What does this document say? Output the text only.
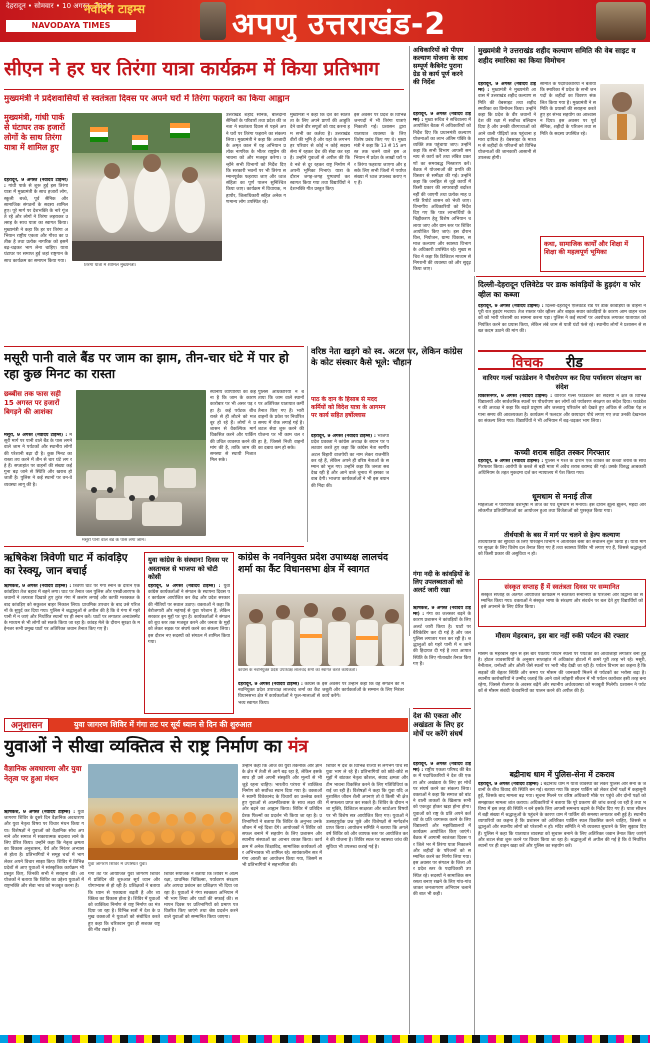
देहरादून • सोमवार • 10 अगस्त, 2026
नवोदय टाइम्स
NAVODAYA TIMES	अपणु उत्तराखंड-2
सीएन ने हर घर तिरंगा यात्रा कार्यक्रम में किया प्रतिभाग
मुख्यमंत्री ने प्रदेशवासियों से स्वतंत्रता दिवस पर अपने घरों में तिरंगा फहराने का किया आह्वान
मुख्यमंत्री, गांधी पार्क से घंटाघर तक हजारों लोगों के साथ तिरंगा यात्रा में शामिल हुए
देहरादून, 9 अगस्त (नवोदय टाइम्स) : गांधी पार्क से शुरू हुई इस तिरंगा यात्रा में मुख्यमंत्री के साथ हजारों लोग, स्कूली बच्चे, पूर्व सैनिक और सामाजिक संगठनों के सदस्य शामिल हुए। पूरे मार्ग पर देशभक्ति के नारे गूंजते रहे और लोगों ने तिरंगा लहराकर उत्साह के साथ यात्रा का स्वागत किया। मुख्यमंत्री ने कहा कि हर घर तिरंगा अभियान राष्ट्रीय एकता और गौरव का प्रतीक है तथा प्रत्येक नागरिक को इसमें बढ़-चढ़कर भाग लेना चाहिए। यात्रा घंटाघर पर समाप्त हुई जहां राष्ट्रगान के साथ कार्यक्रम का समापन किया गया।
तिरंगा यात्रा में शामिल मुख्यमंत्री।
उत्तराखंड शहीद सैनिक, बलिदानी सैनिकों के परिवारों तथा प्रदेश की जनता ने स्वतंत्रता दिवस से पहले अपने घरों पर तिरंगा फहराने का संकल्प लिया। मुख्यमंत्री ने कहा कि आजादी के अमृत काल में यह अभियान प्रत्येक नागरिक के भीतर राष्ट्रप्रेम की भावना को और मजबूत करेगा। उन्होंने सभी विभागों को निर्देश दिए कि सरकारी भवनों पर भी तिरंगा सम्मानपूर्वक फहराया जाए और ध्वज संहिता का पूर्ण पालन सुनिश्चित किया जाए। कार्यक्रम में विधायक, महापौर, जिलाधिकारी सहित अनेक गणमान्य लोग उपस्थित रहे।
मुख्यमंत्री ने कहा कि देश की स्वतंत्रता के लिए अपने प्राणों की आहुति देने वाले वीर सपूतों को याद करना हम सभी का कर्तव्य है। उत्तराखंड वीरों की भूमि है और यहां के लगभग हर परिवार से कोई न कोई सदस्य सेना में रहकर देश की सेवा कर रहा है। उन्होंने युवाओं से अपील की कि वे नशे से दूर रहकर राष्ट्र निर्माण में अपनी भूमिका निभाएं। यात्रा के दौरान जगह-जगह पुष्पवर्षा कर स्वागत किया गया तथा विद्यार्थियों ने देशभक्ति गीत प्रस्तुत किए।
इस अवसर पर प्रदेश के विभिन्न जनपदों में भी तिरंगा यात्राएं निकाली गईं। प्रशासन द्वारा यातायात व्यवस्था के लिए विशेष प्रबंध किए गए थे। मुख्यमंत्री ने कहा कि 13 से 15 अगस्त तक चलने वाले इस अभियान में प्रदेश के लाखों घरों पर तिरंगा फहराया जाएगा और इसके लिए सभी जिलों में पर्याप्त संख्या में ध्वज उपलब्ध कराए गए हैं।
अधिकारियों को पीएम कल्याण योजना के साथ सम्पूर्ण कैबिनेट पुराना ग्रेड से कार्य पूर्ण करने की निर्देश
देहरादून, 9 अगस्त (नवोदय टाइम्स) : मुख्य सचिव ने सचिवालय में आयोजित बैठक में अधिकारियों को निर्देश दिए कि प्रधानमंत्री कल्याण योजनाओं का लाभ अंतिम पंक्ति के व्यक्ति तक पहुंचाया जाए। उन्होंने कहा कि सभी विभाग आपसी समन्वय से कार्य करें तथा लंबित प्रकरणों का समयबद्ध निस्तारण करें। बैठक में योजनाओं की प्रगति की विस्तार से समीक्षा की गई। उन्होंने कहा कि जनहित से जुड़े कार्यों में किसी प्रकार की लापरवाही बर्दाश्त नहीं की जाएगी तथा प्रत्येक माह प्रगति रिपोर्ट शासन को भेजी जाए। विभागीय अधिकारियों को निर्देश दिए गए कि पात्र लाभार्थियों के चिह्नीकरण हेतु विशेष अभियान चलाया जाए और ग्राम स्तर पर शिविर आयोजित किए जाएं। इस दौरान वित्त, नियोजन, ग्राम्य विकास, समाज कल्याण और स्वास्थ्य विभाग के अधिकारी उपस्थित रहे। मुख्य सचिव ने कहा कि डिजिटल माध्यम से निगरानी की व्यवस्था को और सुदृढ़ किया जाए।
मुख्यमंत्री ने उत्तराखंड शहीद कल्याण समिति की वेब साइट व शहीद स्मारिका का किया विमोचन
देहरादून, 9 अगस्त (नवोदय टाइम्स) : मुख्यमंत्री ने मुख्यमंत्री आवास में उत्तराखंड शहीद कल्याण समिति की वेबसाइट तथा शहीद स्मारिका का विमोचन किया। उन्होंने कहा कि प्रदेश के वीर जवानों ने देश की रक्षा में सर्वोच्च बलिदान दिया है और उनकी वीरगाथाओं को आने वाली पीढ़ियों तक पहुंचाना हमारा दायित्व है। वेबसाइट के माध्यम से शहीदों के परिजनों को विभिन्न योजनाओं की जानकारी आसानी से उपलब्ध होगी।
समिति के पदाधिकारियों ने बताया कि स्मारिका में प्रदेश के सभी जनपदों के शहीदों का विवरण संकलित किया गया है। मुख्यमंत्री ने समिति के प्रयासों की सराहना करते हुए हर संभव सहयोग का आश्वासन दिया। इस अवसर पर पूर्व सैनिक, शहीदों के परिजन तथा समिति के सदस्य उपस्थित रहे।
कथा, सामाजिक कार्यों और शिक्षा में शिक्षा की महत्वपूर्ण भूमिका
दिल्ली-देहरादून एलिवेटेड पर डाक कांवड़ियों के हुड़दंग व फोर व्हील का कब्जा
देहरादून, 9 अगस्त (नवोदय टाइम्स) : दिल्ली-देहरादून एलिवेटेड रोड पर डाक कांवड़ियों के वाहनों ने पूरी रात हुड़दंग मचाया। तेज रफ्तार फोर व्हीलर और बाइक सवार कांवड़ियों के कारण आम वाहन चालकों को भारी परेशानी का सामना करना पड़ा। पुलिस ने कई स्थानों पर अवरोधक लगाकर यातायात को नियंत्रित करने का प्रयास किया, लेकिन लंबे जाम से यात्री घंटों फंसे रहे। स्थानीय लोगों ने प्रशासन से सख्त कदम उठाने की मांग की।
विचक रीड
वारियर गर्ल्स फाउंडेशन ने पौधरोपण कर दिया पर्यावरण संरक्षण का संदेश
विकासनगर, 9 अगस्त (नवोदय टाइम्स) : वारियर गर्ल्स फाउंडेशन की सदस्यों ने क्षेत्र के विभिन्न विद्यालयों और सार्वजनिक स्थलों पर पौधरोपण कर लोगों को पर्यावरण संरक्षण का संदेश दिया। फाउंडेशन की अध्यक्ष ने कहा कि बढ़ते प्रदूषण और जलवायु परिवर्तन को देखते हुए अधिक से अधिक पेड़ लगाना समय की आवश्यकता है। कार्यक्रम में फलदार और छायादार पौधे लगाए गए तथा उनकी देखभाल का संकल्प लिया गया। विद्यार्थियों ने भी अभियान में बढ़-चढ़कर भाग लिया।
कच्ची शराब सहित तस्कर गिरफ्तार
देहरादून, 9 अगस्त (नवोदय टाइम्स) : पुलिस ने गश्त के दौरान एक व्यक्ति को कच्ची शराब के साथ गिरफ्तार किया। आरोपी के कब्जे से बड़ी मात्रा में अवैध शराब बरामद की गई। उसके विरुद्ध आबकारी अधिनियम के तहत मुकदमा दर्ज कर न्यायालय में पेश किया गया।
धूमधाम से मनाई तीज
महिलाओं ने पारंपरिक वेशभूषा में तीज का पर्व धूमधाम से मनाया। इस दौरान झूला झूलने, मेहंदी और लोकगीत प्रतियोगिताओं का आयोजन हुआ तथा विजेताओं को पुरस्कृत किया गया।
तीर्थयात्री के बस में मार्ग पर चलने से हेल्प कल्याण
तीर्थयात्रियों की सुविधा के लिए परिवहन विभाग ने अतिरिक्त बसों का संचालन शुरू किया है। यात्रा मार्ग पर सुरक्षा के लिए विशेष दल तैनात किए गए हैं तथा स्वास्थ्य शिविर भी लगाए गए हैं, जिससे श्रद्धालुओं को किसी प्रकार की असुविधा न हो।
संस्कृत सप्ताह हैं में स्वतंत्रता दिवस पर सम्मानित
संस्कृत सप्ताह के अंतर्गत आयोजित कार्यक्रम में स्वतंत्रता सेनानियों के परिजनों और विद्वानों को सम्मानित किया गया। वक्ताओं ने संस्कृत भाषा के संरक्षण और संवर्धन पर बल देते हुए विद्यार्थियों को इसे अपनाने के लिए प्रेरित किया।
मौसम मेहरबान, इस बार नहीं रुकी पर्यटन की रफ्तार
मौसम के मेहरबान रहने से इस बार पर्वतीय पर्यटन स्थलों पर पर्यटकों की आवाजाही लगातार बनी हुई है। होटल व्यवसायियों के अनुसार सप्ताहांत में अधिकांश होटलों में कमरे पूरी तरह भरे रहे। मसूरी, नैनीताल, धनोल्टी और औली जैसे स्थलों पर भारी भीड़ देखी जा रही है। पर्यटन विभाग का कहना है कि सड़कों की बेहतर स्थिति और समय पर मौसम की जानकारी मिलने से पर्यटकों का भरोसा बढ़ा है। स्थानीय कारोबारियों ने उम्मीद जताई कि आने वाले त्योहारी सीजन में भी पर्यटन कारोबार इसी तरह बना रहेगा, जिससे रोजगार के अवसर बढ़ेंगे और स्थानीय अर्थव्यवस्था को मजबूती मिलेगी। प्रशासन ने पर्यटकों से मौसम संबंधी चेतावनियों का पालन करने की अपील की है।
बद्रीनाथ धाम में पुलिस-सेना में टकराव
देहरादून, 9 अगस्त (नवोदय टाइम्स) : बद्रीनाथ धाम में यात्रा व्यवस्था को लेकर पुलिस और सेना के जवानों के बीच विवाद की स्थिति बन गई। बताया गया कि वाहन पार्किंग को लेकर दोनों पक्षों में कहासुनी हुई, जिसके बाद मामला बढ़ गया। सूचना मिलने पर वरिष्ठ अधिकारी मौके पर पहुंचे और दोनों पक्षों को समझाकर मामला शांत कराया। अधिकारियों ने बताया कि पूरे प्रकरण की जांच कराई जा रही है तथा भविष्य में इस तरह की स्थिति न बने इसके लिए आपसी समन्वय बढ़ाने के निर्देश दिए गए हैं। यात्रा सीजन में बड़ी संख्या में श्रद्धालुओं के पहुंचने के कारण धाम में पार्किंग की समस्या लगातार बनी हुई है। स्थानीय व्यापारियों का कहना है कि प्रशासन को अतिरिक्त पार्किंग स्थल विकसित करने चाहिए, जिससे श्रद्धालुओं और स्थानीय लोगों को परेशानी न हो। मंदिर समिति ने भी व्यवस्था सुधारने के लिए सुझाव दिए हैं। पुलिस ने कहा कि यातायात व्यवस्था को सुचारू बनाने के लिए अतिरिक्त जवान तैनात किए जाएंगे और शटल सेवा शुरू करने पर विचार किया जा रहा है। श्रद्धालुओं से अपील की गई है कि वे निर्धारित स्थानों पर ही वाहन खड़ा करें और पुलिस का सहयोग करें।
मसूरी पानी वाले बैंड पर जाम का झाम, तीन-चार घंटे में पार हो रहा कुछ मिनट का रास्ता
छब्बीस तक फास सही 15 अगस्त पर हजारों बिगड़ने की आशंका
मसूरी, 9 अगस्त (नवोदय टाइम्स) : मसूरी मार्ग पर पानी वाले बैंड के पास लगने वाले जाम ने पर्यटकों और स्थानीय लोगों की परेशानी बढ़ा दी है। कुछ मिनट का रास्ता तय करने में तीन से चार घंटे लग रहे हैं। सप्ताहांत पर वाहनों की संख्या कई गुना बढ़ जाने से स्थिति और खराब हो जाती है। पुलिस ने कई स्थानों पर वन-वे व्यवस्था लागू की है।
मसूरी पानी वाले बैंड के पास लगा जाम।
स्थानीय व्यापारियों का कहना है कि जाम के कारण कारोबार पर भी असर पड़ रहा है। कई पर्यटक बीच रास्ते से ही लौटने को मजबूर हो रहे हैं। लोगों ने प्रशासन से वैकल्पिक मार्ग विकसित करने और पार्किंग की उचित व्यवस्था करने की मांग की है, ताकि जाम की समस्या से स्थायी निजात मिल सके।
पुलिस अधिकारियों ने बताया कि जाम वाले स्थानों पर अतिरिक्त यातायात कर्मी तैनात किए गए हैं। भारी वाहनों के प्रवेश पर निर्धारित समय में रोक लगाई गई है। शटल सेवा शुरू करने की योजना पर भी काम चल रहा है, जिससे निजी वाहनों का दबाव कम हो सके।
वरिष्ठ नेता खड़गे को स्व. अटल पर, लेकिन कांग्रेस के कोट संस्कार कैसे भूले: चौहान
पाठ के दान के हिसाब से मदद कर्मियों को विदेश यात्रा के आगमन पर कार्य सहित हर्षोल्लास
देहरादून, 9 अगस्त (नवोदय टाइम्स) : भाजपा प्रदेश प्रवक्ता ने कांग्रेस अध्यक्ष के बयान पर पलटवार करते हुए कहा कि कांग्रेस नेता स्वर्गीय अटल बिहारी वाजपेयी का नाम लेकर राजनीति कर रहे हैं, लेकिन अपने ही वरिष्ठ नेताओं के सम्मान को भूल गए। उन्होंने कहा कि जनता सब देख रही है और आने वाले चुनाव में इसका जवाब देगी। भाजपा कार्यकर्ताओं ने भी इस बयान की निंदा की।
ऋषिकेश त्रिवेणी घाट में कांवड़िए का रेस्क्यू, जान बचाई
ऋषिकेश, 9 अगस्त (नवोदय टाइम्स) : त्रिवेणी घाट पर गंगा स्नान के दौरान एक कांवड़िया तेज बहाव में बहने लगा। घाट पर तैनात जल पुलिस और एसडीआरएफ के जवानों ने तत्परता दिखाते हुए तुरंत गंगा में छलांग लगाई और काफी मशक्कत के बाद कांवड़िए को सकुशल बाहर निकाल लिया। प्राथमिक उपचार के बाद उसे परिजनों के सुपुर्द कर दिया गया। पुलिस ने श्रद्धालुओं से अपील की है कि वे गंगा में गहरे पानी में न जाएं और निर्धारित स्थानों पर ही स्नान करें। घाटों पर लगातार अनाउंसमेंट के माध्यम से भी लोगों को सतर्क किया जा रहा है। कांवड़ मेले के दौरान सुरक्षा के मद्देनजर सभी प्रमुख घाटों पर अतिरिक्त जवान तैनात किए गए हैं।
युवा कांग्रेस के संस्थान! दिवस पर अस्ताचल से भाजपा को चोटी कोसी
देहरादून, 9 अगस्त (नवोदय टाइम्स) : युवा कांग्रेस कार्यकर्ताओं ने संगठन के स्थापना दिवस पर कार्यक्रम आयोजित कर केंद्र और प्रदेश सरकार की नीतियों पर सवाल उठाए। वक्ताओं ने कहा कि बेरोजगारी और महंगाई से युवा परेशान हैं, लेकिन सरकार इन मुद्दों पर चुप है। कार्यकर्ताओं ने संगठन को बूथ स्तर तक मजबूत करने और जनता के मुद्दों को लेकर सड़क पर संघर्ष करने का संकल्प लिया। इस दौरान नए सदस्यों को संगठन में शामिल किया गया।
कांग्रेस के नवनियुक्त प्रदेश उपाध्यक्ष लालचंद शर्मा का कैंट विधानसभा क्षेत्र में स्वागत
कांग्रेस के नवनियुक्त प्रदेश उपाध्यक्ष लालचंद शर्मा का स्वागत करते कार्यकर्ता।
देहरादून, 9 अगस्त (नवोदय टाइम्स) : कांग्रेस के नवनियुक्त प्रदेश उपाध्यक्ष लालचंद शर्मा का कैंट विधानसभा क्षेत्र में कार्यकर्ताओं ने फूल-मालाओं से भव्य स्वागत किया।
इस अवसर पर उन्होंने कहा कि वह संगठन की मजबूती और कार्यकर्ताओं के सम्मान के लिए निरंतर कार्य करेंगे।
गंगा नदी के कांवड़ियों के लिए उपलब्धताओं को अलर्ट जारी रखा
ऋषिकेश, 9 अगस्त (नवोदय टाइम्स) : गंगा का जलस्तर बढ़ने के कारण प्रशासन ने कांवड़ियों के लिए अलर्ट जारी किया है। घाटों पर बैरिकेडिंग कर दी गई है और जल पुलिस लगातार गश्त कर रही है। श्रद्धालुओं को गहरे पानी में न जाने की हिदायत दी गई है तथा आपात स्थिति के लिए गोताखोर तैनात किए गए हैं।
देश की एकता और अखंडता के लिए हर मोर्चे पर करेंगे संघर्ष
देहरादून, 9 अगस्त (नवोदय टाइम्स) : राष्ट्रीय एकता परिषद की बैठक में पदाधिकारियों ने देश की एकता और अखंडता के लिए हर मोर्चे पर संघर्ष करने का संकल्प लिया। वक्ताओं ने कहा कि समाज को बांटने वाली ताकतों के खिलाफ सभी को एकजुट होकर खड़ा होना होगा। युवाओं को राष्ट्र के प्रति अपने कर्तव्यों के प्रति जागरूक करने के लिए विद्यालयों और महाविद्यालयों में कार्यक्रम आयोजित किए जाएंगे। बैठक में आगामी स्वतंत्रता दिवस पर जिले भर में तिरंगा यात्रा निकालने और शहीदों के परिजनों को सम्मानित करने का निर्णय लिया गया। इस अवसर पर संगठन के जिला और प्रदेश स्तर के पदाधिकारी उपस्थित रहे। सदस्यों ने सामाजिक समरसता बनाए रखने के लिए गांव-गांव जाकर जनजागरण अभियान चलाने की बात भी कही।
अनुशासन	युवा जागरण शिविर में गंगा तट पर सूर्य ध्यान से दिन की शुरुआत
युवाओं ने सीखा व्यक्तित्व से राष्ट्र निर्माण का मंत्र
वैज्ञानिक अवधारणा और युवा नेतृत्व पर हुआ मंथन
ऋषिकेश, 9 अगस्त (नवोदय टाइम्स) : युवा जागरण शिविर के दूसरे दिन वैज्ञानिक अवधारणा और युवा नेतृत्व विषय पर विचार मंथन किया गया। विशेषज्ञों ने युवाओं को वैज्ञानिक सोच अपनाने और समाज में सकारात्मक बदलाव लाने के लिए प्रेरित किया। उन्होंने कहा कि नेतृत्व क्षमता का विकास अनुशासन, धैर्य और निरंतर अभ्यास से होता है। प्रतिभागियों ने समूह चर्चा में भाग लेकर अपने विचार साझा किए। शिविर में विभिन्न प्रदेशों से आए युवाओं ने सांस्कृतिक कार्यक्रम भी प्रस्तुत किए, जिनकी सभी ने सराहना की। आयोजकों ने बताया कि शिविर का उद्देश्य युवाओं में राष्ट्रभक्ति और सेवा भाव को मजबूत करना है।
युवा जागरण शिविर में उपस्थित युवा।
गंगा तट पर आयोजित युवा जागरण शिविर में प्रतिदिन की शुरुआत सूर्य ध्यान और योगाभ्यास से हो रही है। प्रशिक्षकों ने बताया कि ध्यान से एकाग्रता बढ़ती है और व्यक्तित्व का विकास होता है। शिविर में युवाओं को व्यक्तित्व निर्माण से राष्ट्र निर्माण का मंत्र दिया जा रहा है। विभिन्न सत्रों में देश के प्रमुख वक्ताओं ने युवाओं को संबोधित करते हुए कहा कि चरित्रवान युवा ही सशक्त राष्ट्र की नींव रखते हैं।
शिविर संयोजक ने बताया कि शिविर में आत्मरक्षा, प्राथमिक चिकित्सा, पर्यावरण संरक्षण और आपदा प्रबंधन का प्रशिक्षण भी दिया जा रहा है। युवाओं ने गंगा स्वच्छता अभियान में भी भाग लिया और घाटों की सफाई की। समापन दिवस पर प्रतिभागियों को प्रमाण पत्र वितरित किए जाएंगे तथा श्रेष्ठ प्रदर्शन करने वाले युवाओं को सम्मानित किया जाएगा।
उन्होंने कहा कि आज का युवा तकनीक और ज्ञान के क्षेत्र में तेजी से आगे बढ़ रहा है, लेकिन इसके साथ ही उसे अपनी संस्कृति और मूल्यों से भी जुड़े रहना चाहिए। भारतीय परंपरा में व्यक्तित्व निर्माण को सर्वोच्च स्थान दिया गया है। वक्ताओं ने स्वामी विवेकानंद के विचारों का उल्लेख करते हुए युवाओं से आत्मविश्वास के साथ लक्ष्य की ओर बढ़ने का आह्वान किया। शिविर में प्रतिदिन प्रेरक फिल्मों का प्रदर्शन भी किया जा रहा है। प्रतिभागियों ने बताया कि शिविर के अनुभव उनके जीवन में नई दिशा देंगे। आयोजकों ने शिविर को सफल बनाने में सहयोग के लिए प्रशासन और स्थानीय संस्थाओं का आभार व्यक्त किया। कार्यक्रम में अनेक शिक्षाविद, सामाजिक कार्यकर्ता और अभिभावक भी शामिल रहे। सायंकालीन सत्र में गंगा आरती का आयोजन किया गया, जिसमें सभी प्रतिभागियों ने सहभागिता की।
शिविर में देश के विभिन्न राज्यों से लगभग पांच सौ युवा भाग ले रहे हैं। प्रतिभागियों को छोटे-छोटे समूहों में बांटकर नेतृत्व कौशल, संवाद क्षमता और टीम भावना विकसित करने के लिए गतिविधियां कराई जा रही हैं। विशेषज्ञों ने कहा कि युवा यदि अनुशासित जीवन शैली अपनाएं तो वे किसी भी क्षेत्र में सफलता प्राप्त कर सकते हैं। शिविर के दौरान नशा मुक्ति, डिजिटल साक्षरता और स्टार्टअप विषयों पर भी विशेष सत्र आयोजित किए गए। युवाओं ने उत्साहपूर्वक प्रश्न पूछे और विशेषज्ञों से मार्गदर्शन प्राप्त किया। आयोजन समिति ने बताया कि अगले वर्ष शिविर को और व्यापक स्तर पर आयोजित करने की योजना है। शिविर स्थल पर स्वास्थ्य जांच की सुविधा भी उपलब्ध कराई गई है।
